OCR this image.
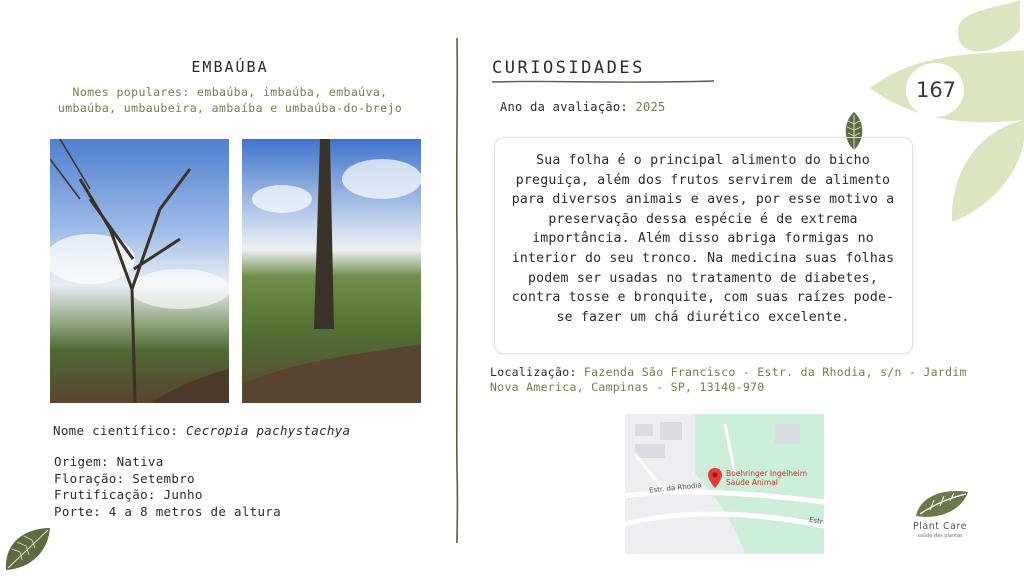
167
EMBAÚBA
Nomes populares: embaúba, imbaúba, embaúva, umbaúba, umbaubeira, ambaíba e umbaúba-do-brejo
Nome científico: Cecropia pachystachya
Origem: Nativa
Floração: Setembro
Frutificação: Junho
Porte: 4 a 8 metros de altura
CURIOSIDADES
Ano da avaliação: 2025
Sua folha é o principal alimento do bicho preguiça, além dos frutos servirem de alimento para diversos animais e aves, por esse motivo a preservação dessa espécie é de extrema importância. Além disso abriga formigas no interior do seu tronco. Na medicina suas folhas podem ser usadas no tratamento de diabetes, contra tosse e bronquite, com suas raízes pode-se fazer um chá diurético excelente.
Localização: Fazenda São Francisco - Estr. da Rhodia, s/n - Jardim Nova America, Campinas - SP, 13140-970
Boehringer Ingelheim
Saúde Animal
Estr. da Rhodia
Estr	Plant Care
saúde das plantas
